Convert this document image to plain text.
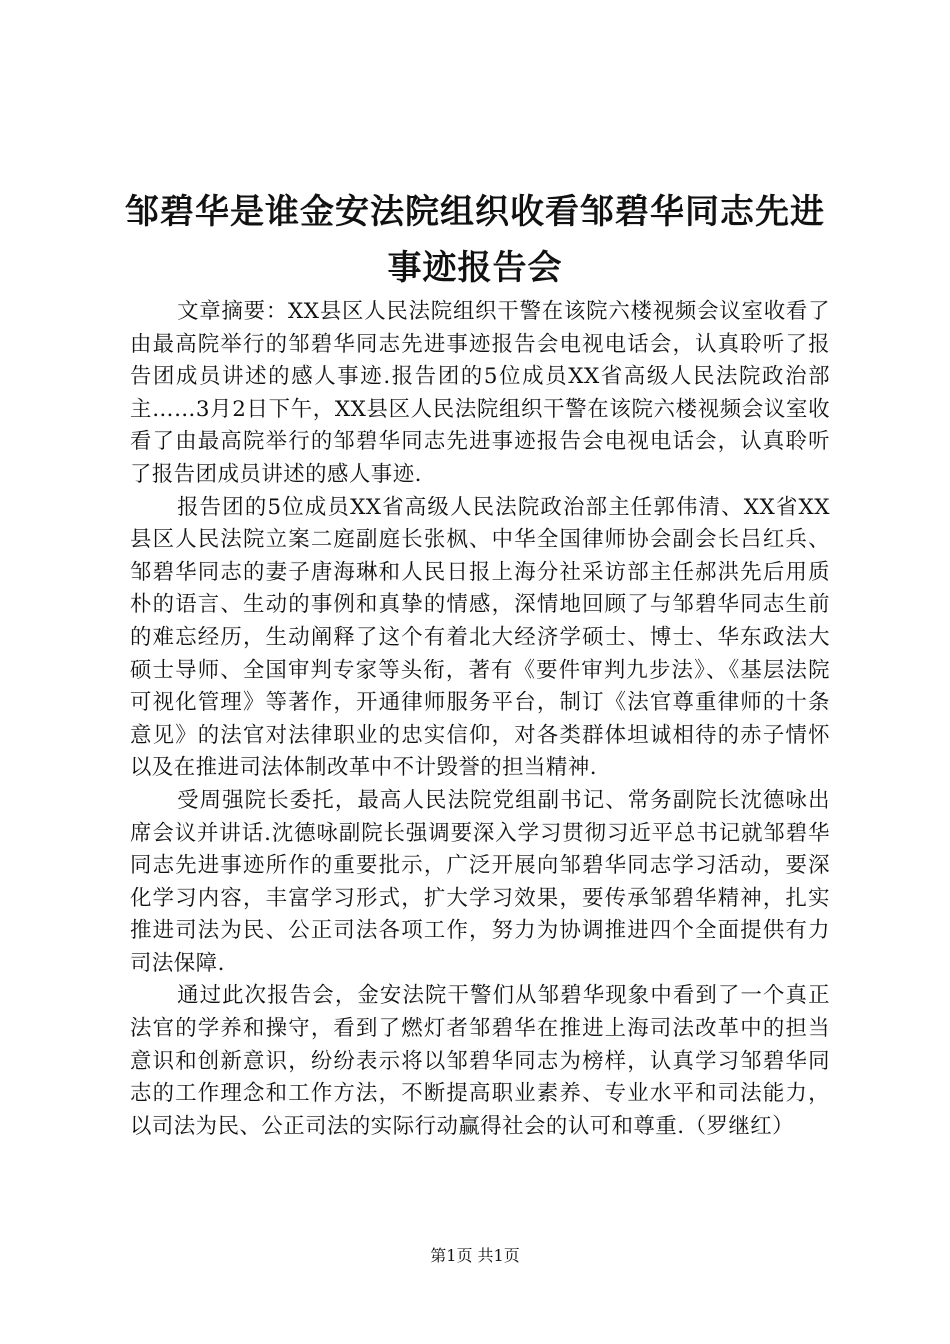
邹碧华是谁金安法院组织收看邹碧华同志先进
事迹报告会

文章摘要：XX县区人民法院组织干警在该院六楼视频会议室收看了由最高院举行的邹碧华同志先进事迹报告会电视电话会，认真聆听了报告团成员讲述的感人事迹.报告团的5位成员XX省高级人民法院政治部主……3月2日下午，XX县区人民法院组织干警在该院六楼视频会议室收看了由最高院举行的邹碧华同志先进事迹报告会电视电话会，认真聆听了报告团成员讲述的感人事迹.

报告团的5位成员XX省高级人民法院政治部主任郭伟清、XX省XX县区人民法院立案二庭副庭长张枫、中华全国律师协会副会长吕红兵、邹碧华同志的妻子唐海琳和人民日报上海分社采访部主任郝洪先后用质朴的语言、生动的事例和真挚的情感，深情地回顾了与邹碧华同志生前的难忘经历，生动阐释了这个有着北大经济学硕士、博士、华东政法大硕士导师、全国审判专家等头衔，著有《要件审判九步法》、《基层法院可视化管理》等著作，开通律师服务平台，制订《法官尊重律师的十条意见》的法官对法律职业的忠实信仰，对各类群体坦诚相待的赤子情怀以及在推进司法体制改革中不计毁誉的担当精神.

受周强院长委托，最高人民法院党组副书记、常务副院长沈德咏出席会议并讲话.沈德咏副院长强调要深入学习贯彻习近平总书记就邹碧华同志先进事迹所作的重要批示，广泛开展向邹碧华同志学习活动，要深化学习内容，丰富学习形式，扩大学习效果，要传承邹碧华精神，扎实推进司法为民、公正司法各项工作，努力为协调推进四个全面提供有力司法保障.

通过此次报告会，金安法院干警们从邹碧华现象中看到了一个真正法官的学养和操守，看到了燃灯者邹碧华在推进上海司法改革中的担当意识和创新意识，纷纷表示将以邹碧华同志为榜样，认真学习邹碧华同志的工作理念和工作方法，不断提高职业素养、专业水平和司法能力，以司法为民、公正司法的实际行动赢得社会的认可和尊重.（罗继红）

第1页 共1页
